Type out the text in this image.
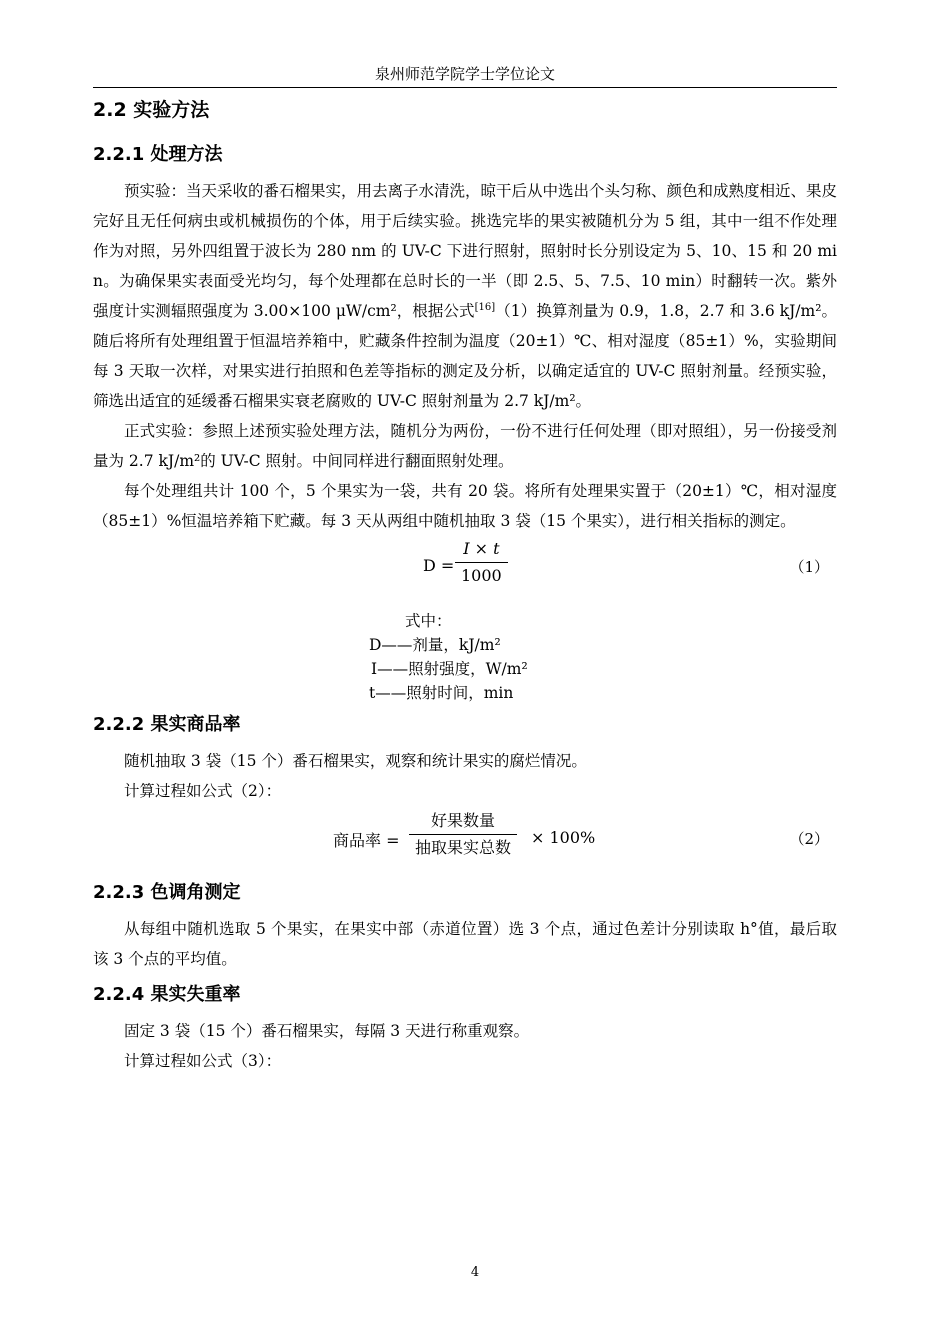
泉州师范学院学士学位论文
2.2 实验方法
2.2.1 处理方法

预实验：当天采收的番石榴果实，用去离子水清洗，晾干后从中选出个头匀称、颜色和成熟度相近、果皮完好且无任何病虫或机械损伤的个体，用于后续实验。挑选完毕的果实被随机分为 5 组，其中一组不作处理作为对照，另外四组置于波长为 280 nm 的 UV-C 下进行照射，照射时长分别设定为 5、10、15 和 20 min。为确保果实表面受光均匀，每个处理都在总时长的一半（即 2.5、5、7.5、10 min）时翻转一次。紫外强度计实测辐照强度为 3.00×100 μW/cm²，根据公式[16]（1）换算剂量为 0.9，1.8，2.7 和 3.6 kJ/m²。随后将所有处理组置于恒温培养箱中，贮藏条件控制为温度（20±1）℃、相对湿度（85±1）%，实验期间每 3 天取一次样，对果实进行拍照和色差等指标的测定及分析，以确定适宜的 UV-C 照射剂量。经预实验，筛选出适宜的延缓番石榴果实衰老腐败的 UV-C 照射剂量为 2.7 kJ/m²。

正式实验：参照上述预实验处理方法，随机分为两份，一份不进行任何处理（即对照组），另一份接受剂量为 2.7 kJ/m²的 UV-C 照射。中间同样进行翻面照射处理。

每个处理组共计 100 个，5 个果实为一袋，共有 20 袋。将所有处理果实置于（20±1）℃，相对湿度（85±1）%恒温培养箱下贮藏。每 3 天从两组中随机抽取 3 袋（15 个果实），进行相关指标的测定。

D =
I × t
1000	（1）
式中：
D——剂量，kJ/m²
I——照射强度，W/m²
t——照射时间，min
2.2.2 果实商品率

随机抽取 3 袋（15 个）番石榴果实，观察和统计果实的腐烂情况。

计算过程如公式（2）：

商品率 =
好果数量
抽取果实总数
× 100%	（2）
2.2.3 色调角测定

从每组中随机选取 5 个果实，在果实中部（赤道位置）选 3 个点，通过色差计分别读取 h°值，最后取该 3 个点的平均值。

2.2.4 果实失重率

固定 3 袋（15 个）番石榴果实，每隔 3 天进行称重观察。

计算过程如公式（3）：

4
